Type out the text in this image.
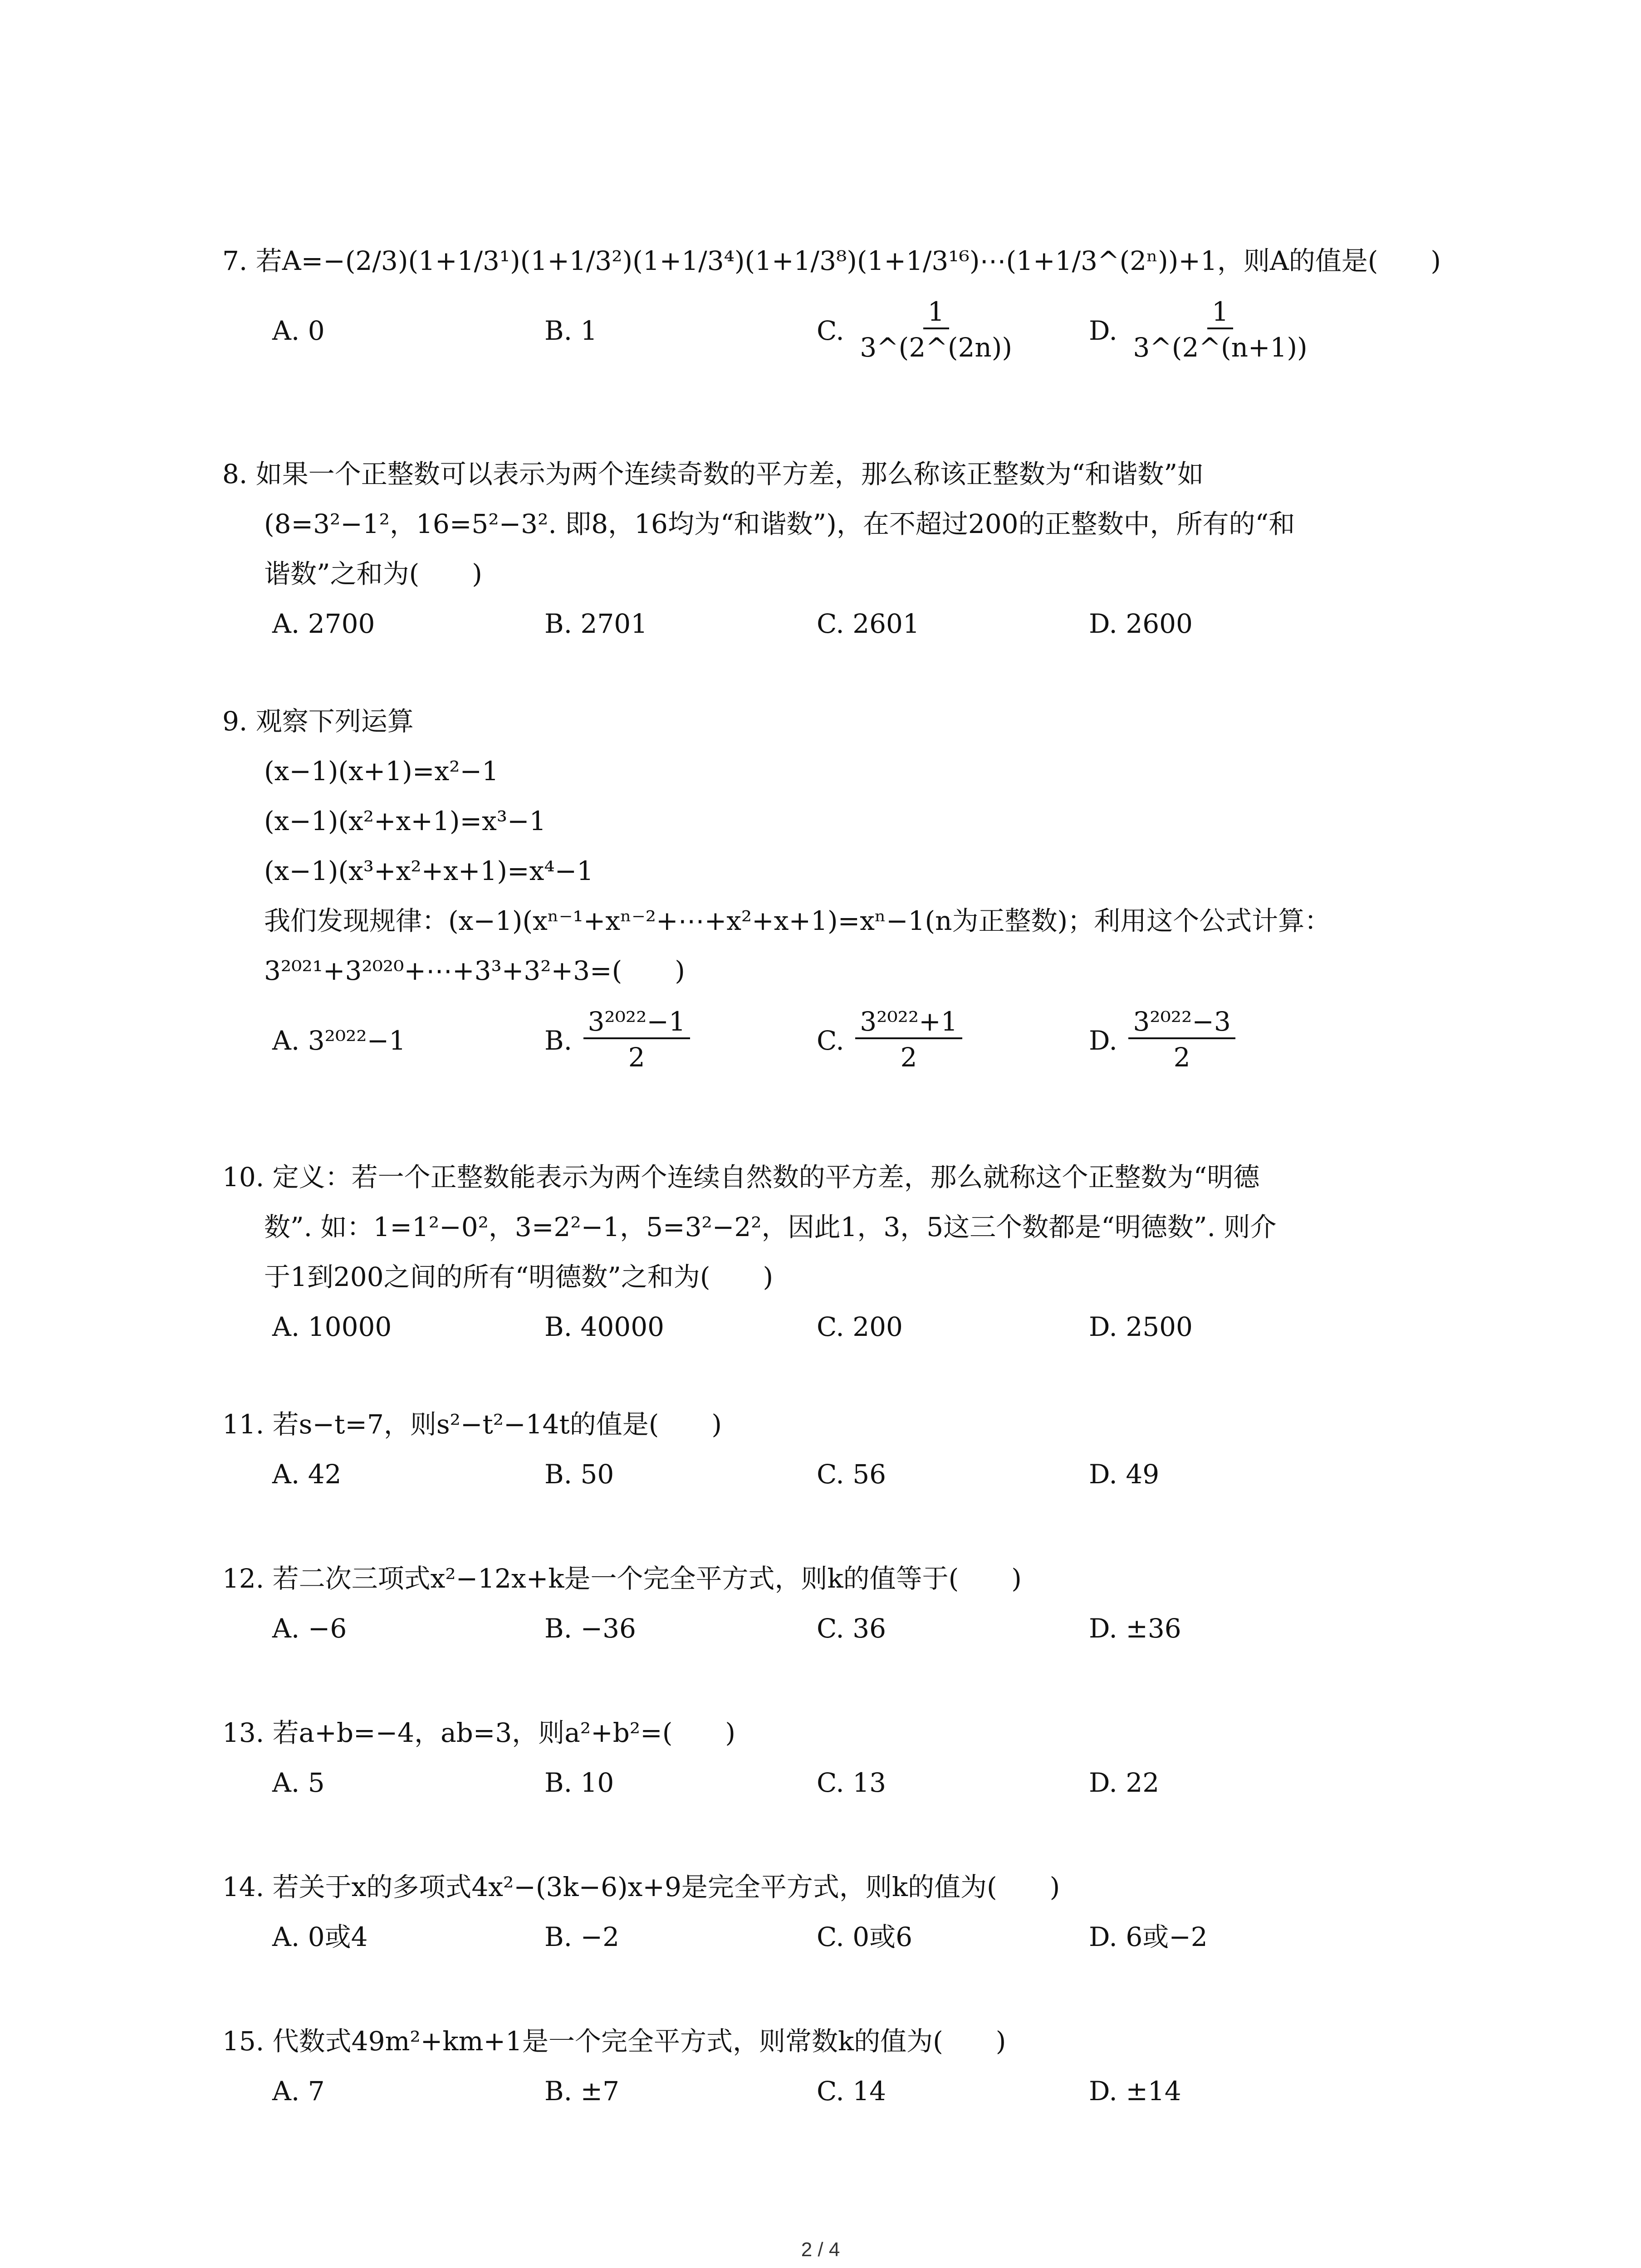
7. 若A=−(2/3)(1+1/3¹)(1+1/3²)(1+1/3⁴)(1+1/3⁸)(1+1/3¹⁶)⋯(1+1/3^(2ⁿ))+1，则A的值是(　　)
A.
0	B.
1	C.
$\frac{1}{3\^{}(2\^{}(2n))}$	D.
$\frac{1}{3\^{}(2\^{}(n+1))}$
8. 如果一个正整数可以表示为两个连续奇数的平方差，那么称该正整数为“和谐数”如
(8=3²−1²，16=5²−3². 即8，16均为“和谐数”)，在不超过200的正整数中，所有的“和
谐数”之和为(　　)
A.
2700	B.
2701	C.
2601	D.
2600
9. 观察下列运算
(x−1)(x+1)=x²−1
(x−1)(x²+x+1)=x³−1
(x−1)(x³+x²+x+1)=x⁴−1
我们发现规律：(x−1)(xⁿ⁻¹+xⁿ⁻²+⋯+x²+x+1)=xⁿ−1(n为正整数)；利用这个公式计算：
3²⁰²¹+3²⁰²⁰+⋯+3³+3²+3=(　　)
A.
3²⁰²²−1	B.
$\frac{\text{3²⁰²²−1}}{2}$	C.
$\frac{\text{3²⁰²²+1}}{2}$	D.
$\frac{\text{3²⁰²²−3}}{2}$
10. 定义：若一个正整数能表示为两个连续自然数的平方差，那么就称这个正整数为“明德
数”. 如：1=1²−0²，3=2²−1，5=3²−2²，因此1，3，5这三个数都是“明德数”. 则介
于1到200之间的所有“明德数”之和为(　　)
A.
10000	B.
40000	C.
200	D.
2500
11. 若s−t=7，则s²−t²−14t的值是(　　)
A.
42	B.
50	C.
56	D.
49
12. 若二次三项式x²−12x+k是一个完全平方式，则k的值等于(　　)
A.
−6	B.
−36	C.
36	D.
±36
13. 若a+b=−4，ab=3，则a²+b²=(　　)
A.
5	B.
10	C.
13	D.
22
14. 若关于x的多项式4x²−(3k−6)x+9是完全平方式，则k的值为(　　)
A.
0或4	B.
−2	C.
0或6	D.
6或−2
15. 代数式49m²+km+1是一个完全平方式，则常数k的值为(　　)
A.
7	B.
±7	C.
14	D.
±14
2 / 4
